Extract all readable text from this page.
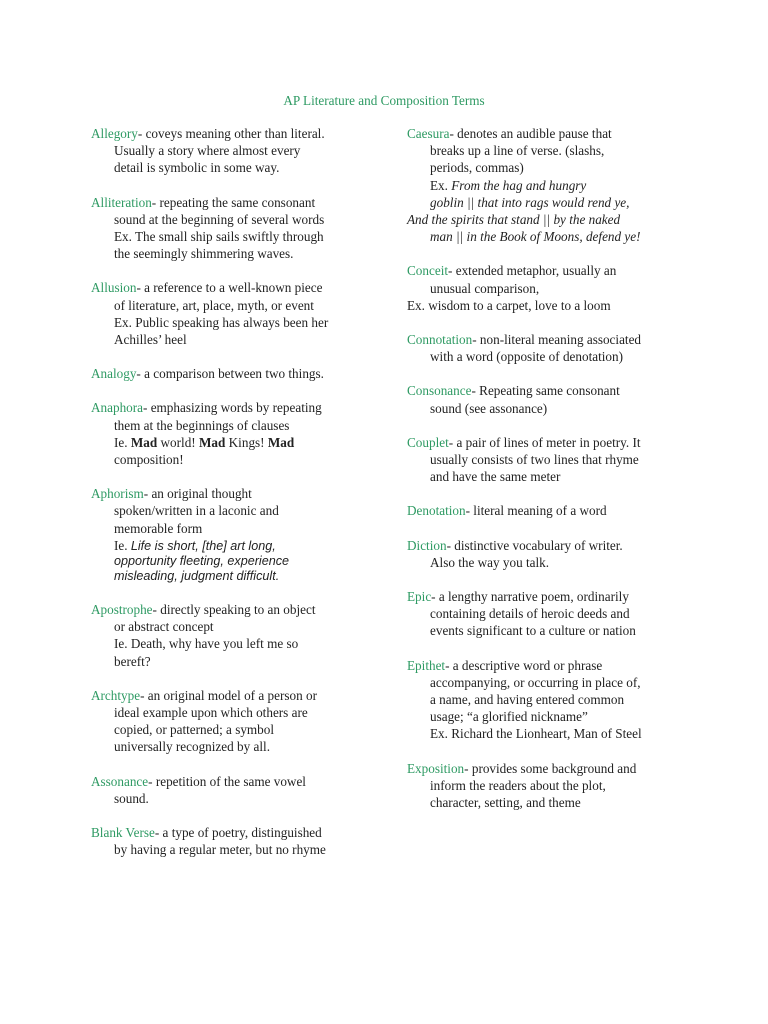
AP Literature and Composition Terms
Allegory- coveys meaning other than literal.
Usually a story where almost every
detail is symbolic in some way.
Alliteration- repeating the same consonant
sound at the beginning of several words
Ex. The small ship sails swiftly through
the seemingly shimmering waves.
Allusion- a reference to a well-known piece
of literature, art, place, myth, or event
Ex. Public speaking has always been her
Achilles’ heel
Analogy- a comparison between two things.
Anaphora- emphasizing words by repeating
them at the beginnings of clauses
Ie. Mad world! Mad Kings! Mad
composition!
Aphorism- an original thought
spoken/written in a laconic and
memorable form
Ie. Life is short, [the] art long,
opportunity fleeting, experience
misleading, judgment difficult.
Apostrophe- directly speaking to an object
or abstract concept
Ie. Death, why have you left me so
bereft?
Archtype- an original model of a person or
ideal example upon which others are
copied, or patterned; a symbol
universally recognized by all.
Assonance- repetition of the same vowel
sound.
Blank Verse- a type of poetry, distinguished
by having a regular meter, but no rhyme
Caesura- denotes an audible pause that
breaks up a line of verse. (slashs,
periods, commas)
Ex. From the hag and hungry
goblin || that into rags would rend ye,
And the spirits that stand || by the naked
man || in the Book of Moons, defend ye!
Conceit- extended metaphor, usually an
unusual comparison,
Ex. wisdom to a carpet, love to a loom
Connotation- non-literal meaning associated
with a word (opposite of denotation)
Consonance- Repeating same consonant
sound (see assonance)
Couplet- a pair of lines of meter in poetry. It
usually consists of two lines that rhyme
and have the same meter
Denotation- literal meaning of a word
Diction- distinctive vocabulary of writer.
Also the way you talk.
Epic- a lengthy narrative poem, ordinarily
containing details of heroic deeds and
events significant to a culture or nation
Epithet- a descriptive word or phrase
accompanying, or occurring in place of,
a name, and having entered common
usage; “a glorified nickname”
Ex. Richard the Lionheart, Man of Steel
Exposition- provides some background and
inform the readers about the plot,
character, setting, and theme
